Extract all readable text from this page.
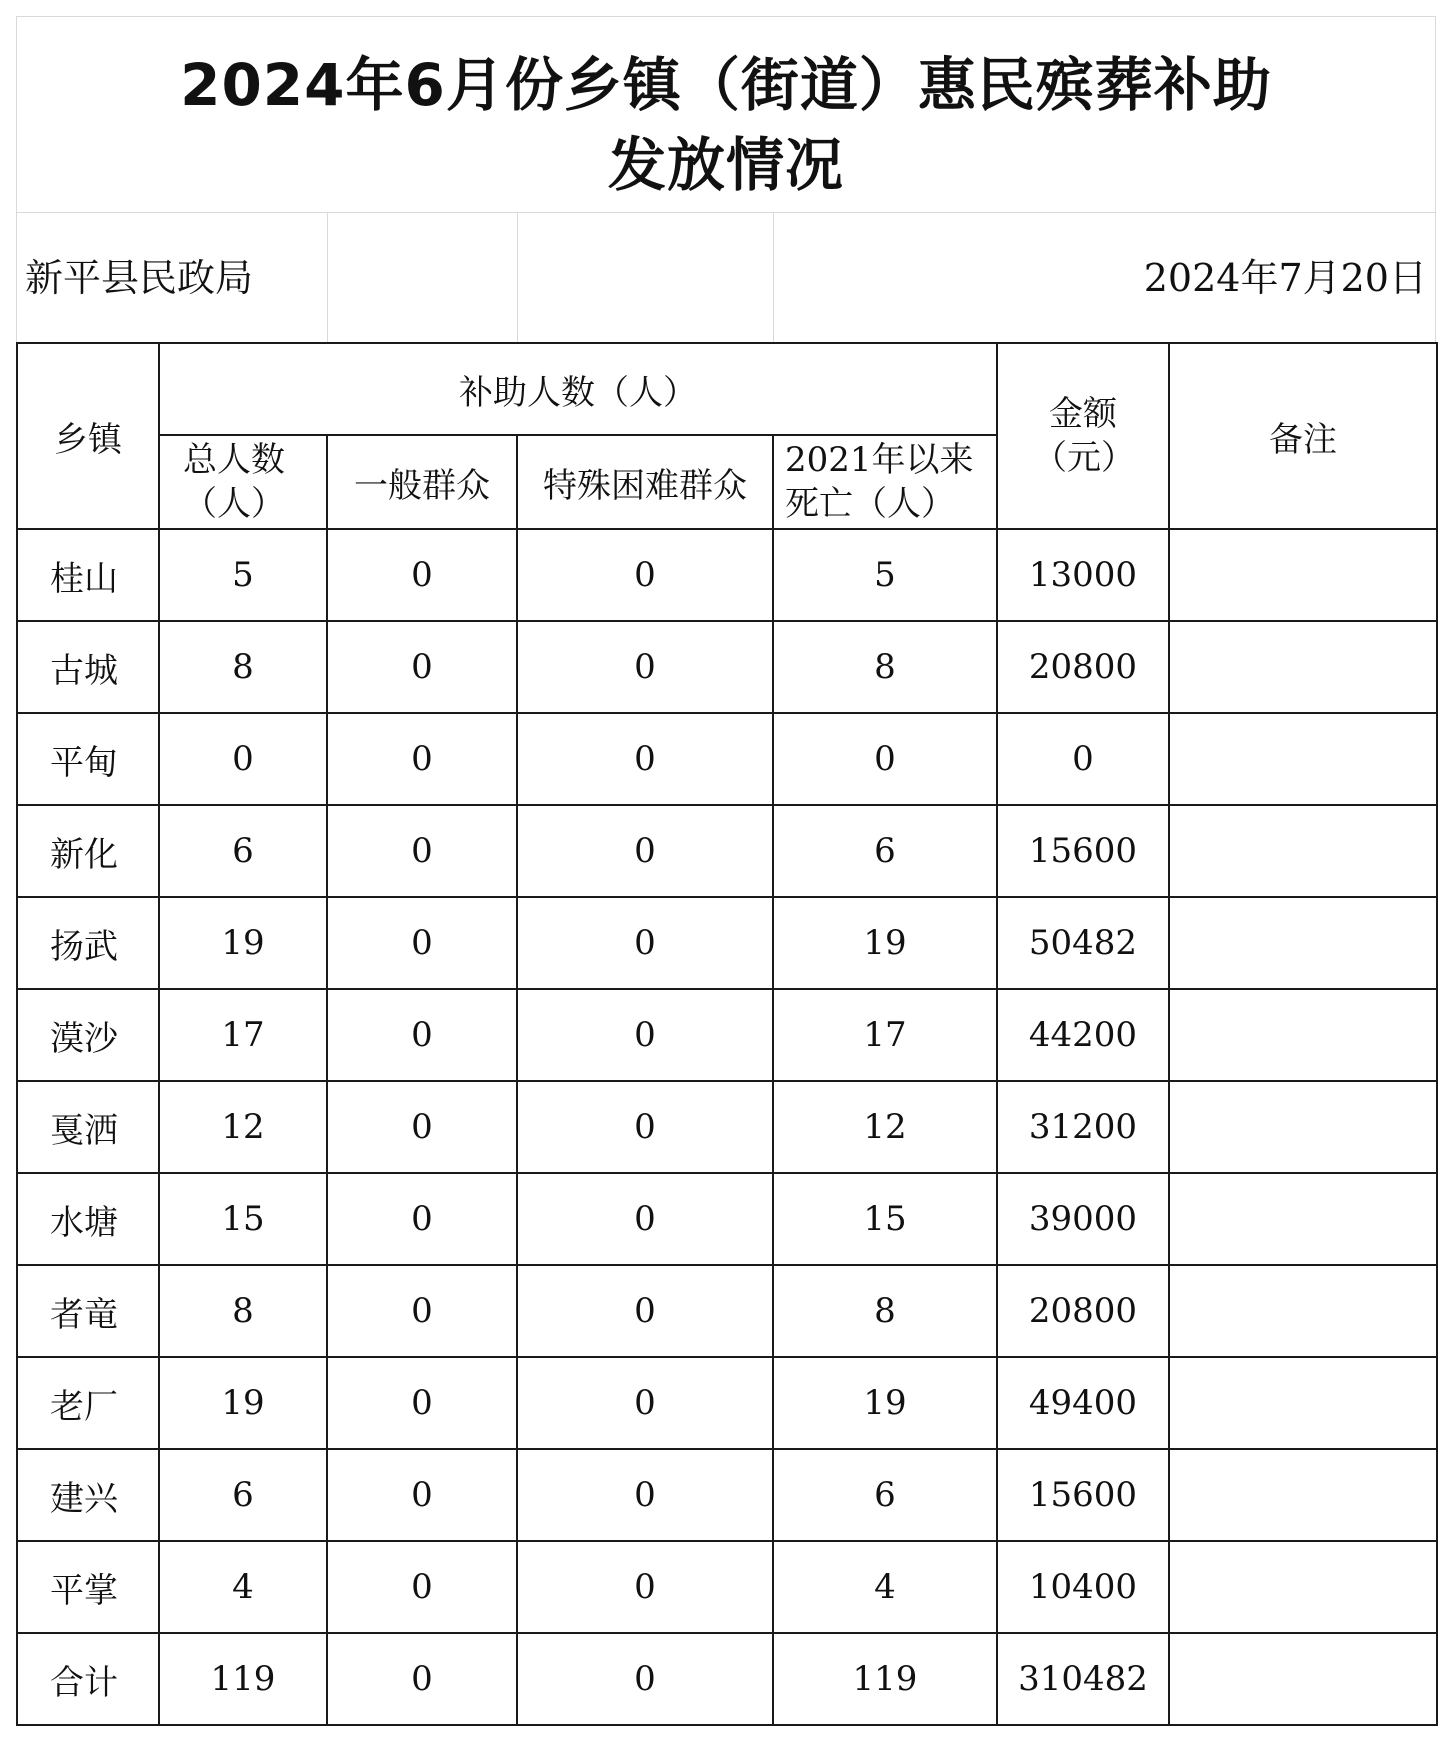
2024年6月份乡镇（街道）惠民殡葬补助
发放情况
新平县民政局	2024年7月20日
乡镇	补助人数（人）				金额（元）	备注

	总人数（人）	一般群众	特殊困难群众	2021年以来死亡（人）		

桂山	5	0	0	5	13000	
古城	8	0	0	8	20800	
平甸	0	0	0	0	0	
新化	6	0	0	6	15600	
扬武	19	0	0	19	50482	
漠沙	17	0	0	17	44200	
戛洒	12	0	0	12	31200	
水塘	15	0	0	15	39000	
者竜	8	0	0	8	20800	
老厂	19	0	0	19	49400	
建兴	6	0	0	6	15600	
平掌	4	0	0	4	10400	
合计	119	0	0	119	310482	
